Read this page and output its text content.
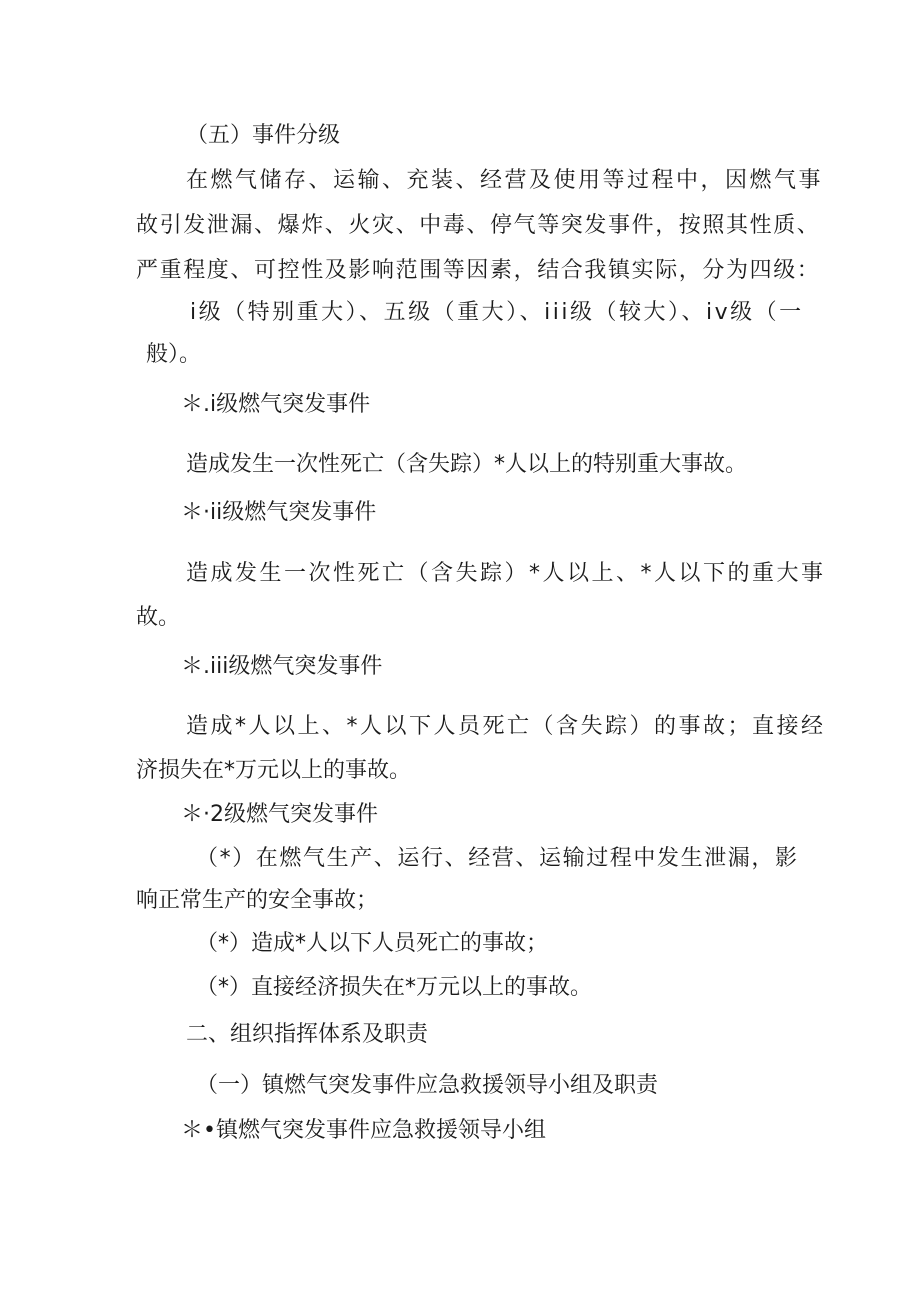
（五）事件分级

在燃气储存、运输、充装、经营及使用等过程中，因燃气事

故引发泄漏、爆炸、火灾、中毒、停气等突发事件，按照其性质、

严重程度、可控性及影响范围等因素，结合我镇实际，分为四级：

i级（特别重大）、五级（重大）、iii级（较大）、iv级（一

般）。

＊.i级燃气突发事件

造成发生一次性死亡（含失踪）*人以上的特别重大事故。

＊·ii级燃气突发事件

造成发生一次性死亡（含失踪）*人以上、*人以下的重大事

故。

＊.iii级燃气突发事件

造成*人以上、*人以下人员死亡（含失踪）的事故；直接经

济损失在*万元以上的事故。

＊·2级燃气突发事件

（*）在燃气生产、运行、经营、运输过程中发生泄漏，影

响正常生产的安全事故；

（*）造成*人以下人员死亡的事故；

（*）直接经济损失在*万元以上的事故。

二、组织指挥体系及职责

（一）镇燃气突发事件应急救援领导小组及职责

＊•镇燃气突发事件应急救援领导小组
